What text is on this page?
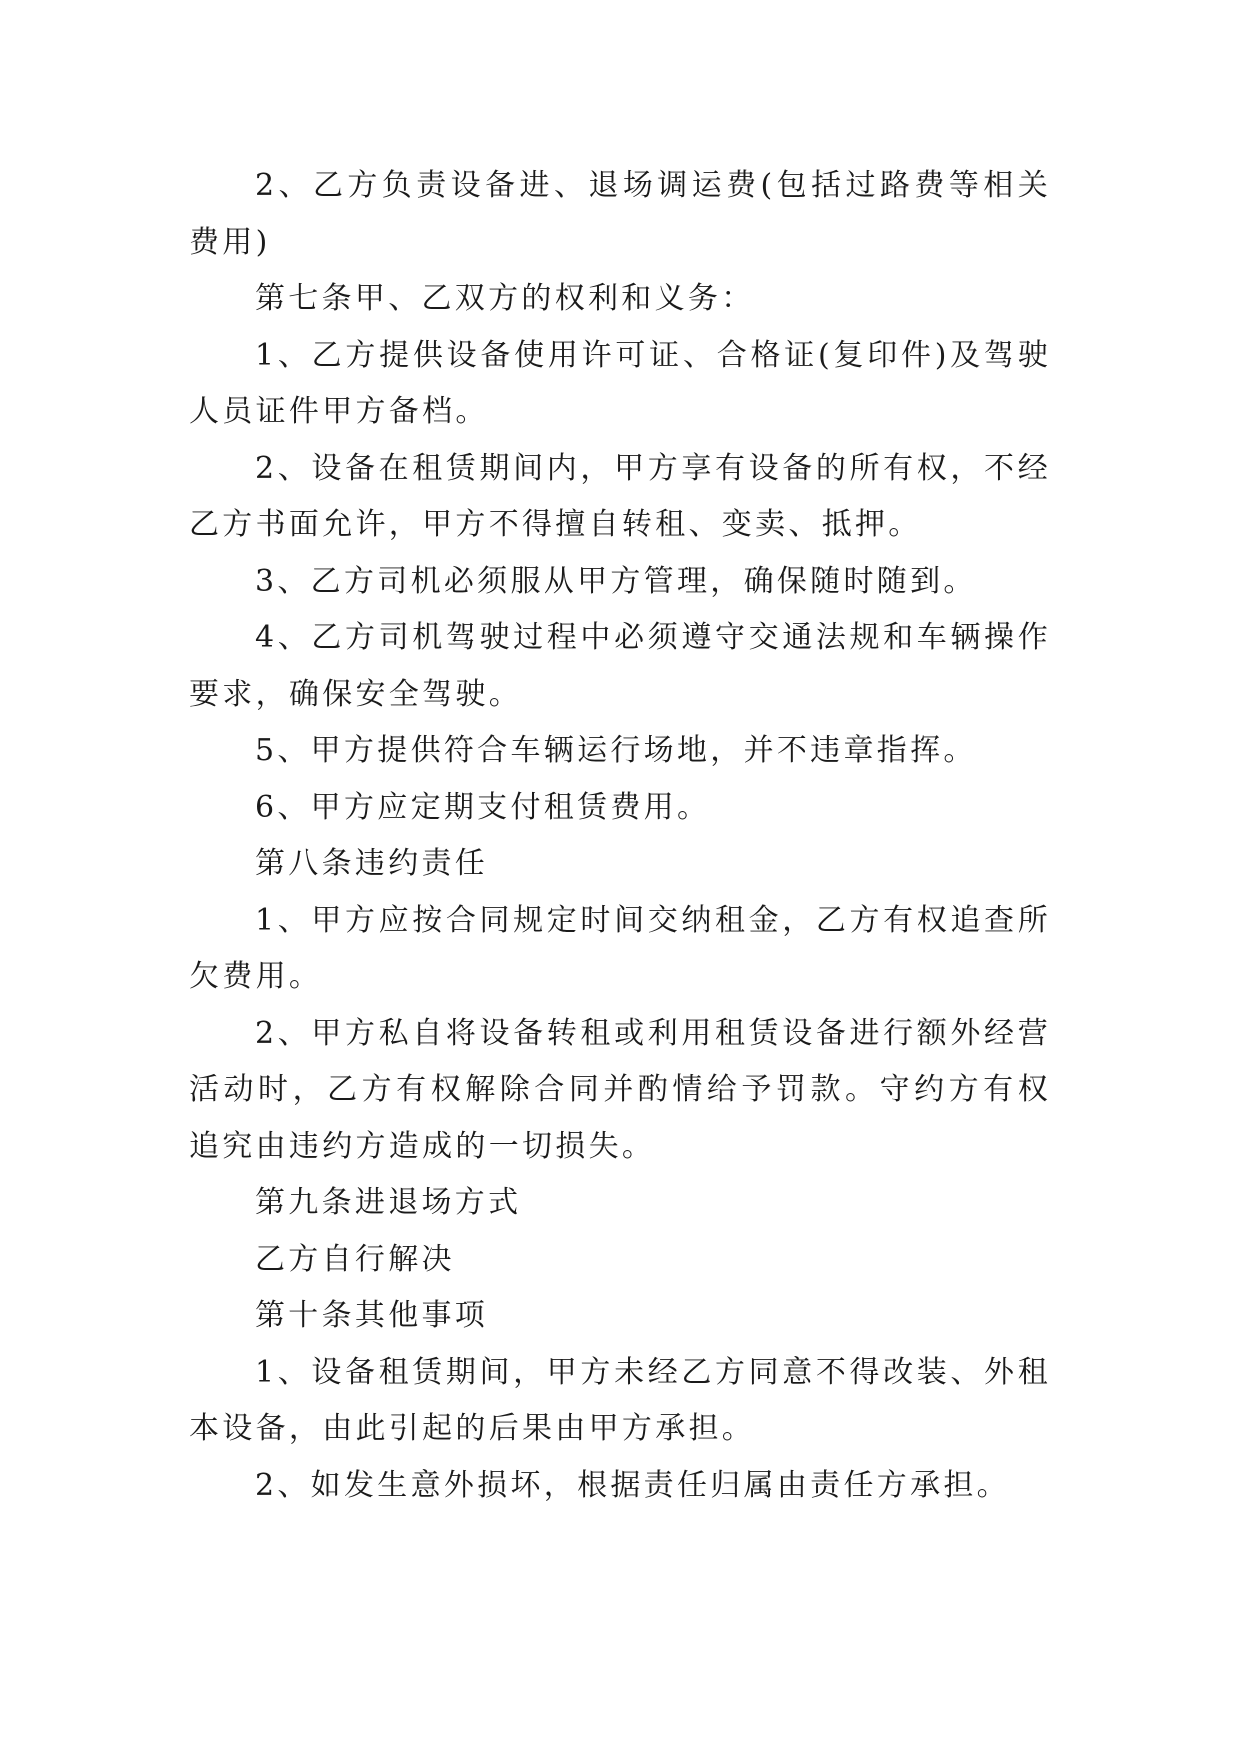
2、乙方负责设备进、退场调运费(包括过路费等相关费用)

第七条甲、乙双方的权利和义务：

1、乙方提供设备使用许可证、合格证(复印件)及驾驶人员证件甲方备档。

2、设备在租赁期间内，甲方享有设备的所有权，不经乙方书面允许，甲方不得擅自转租、变卖、抵押。

3、乙方司机必须服从甲方管理，确保随时随到。

4、乙方司机驾驶过程中必须遵守交通法规和车辆操作要求，确保安全驾驶。

5、甲方提供符合车辆运行场地，并不违章指挥。

6、甲方应定期支付租赁费用。

第八条违约责任

1、甲方应按合同规定时间交纳租金，乙方有权追查所欠费用。

2、甲方私自将设备转租或利用租赁设备进行额外经营活动时，乙方有权解除合同并酌情给予罚款。守约方有权追究由违约方造成的一切损失。

第九条进退场方式

乙方自行解决

第十条其他事项

1、设备租赁期间，甲方未经乙方同意不得改装、外租本设备，由此引起的后果由甲方承担。

2、如发生意外损坏，根据责任归属由责任方承担。
